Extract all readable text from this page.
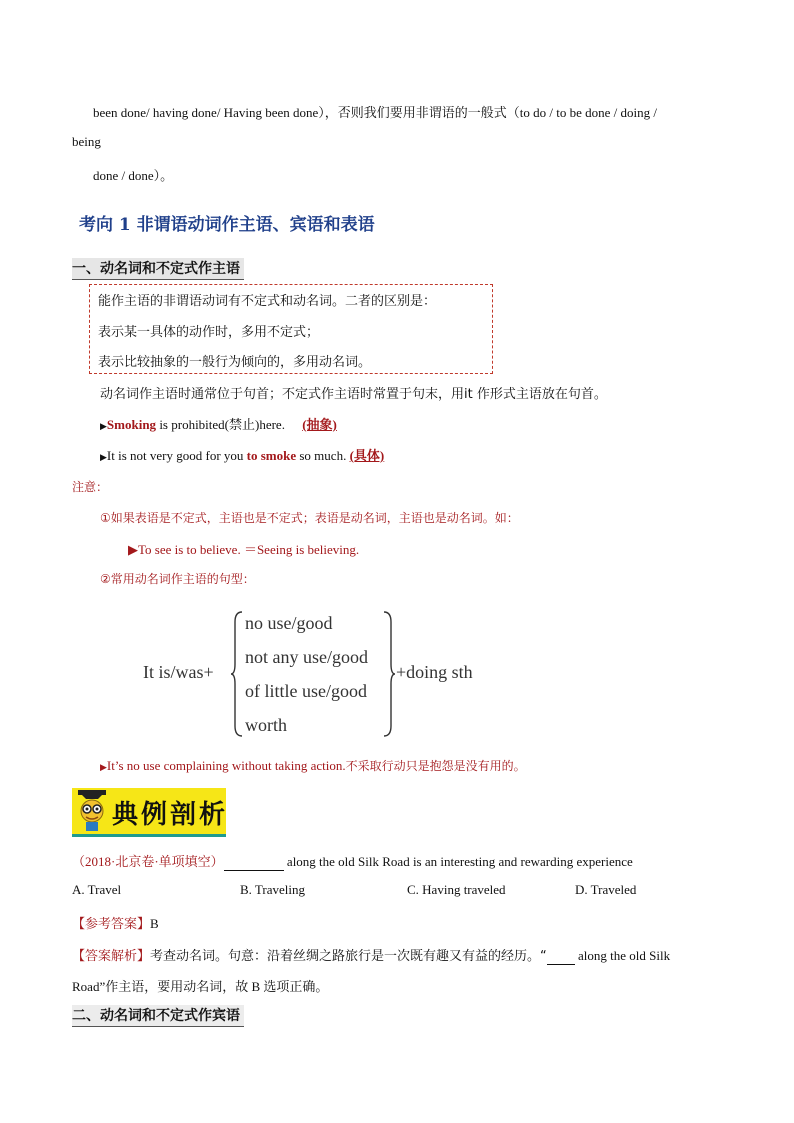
been done/ having done/ Having been done），否则我们要用非谓语的一般式（to do / to be done / doing /
being
done / done）。
考向 1 非谓语动词作主语、宾语和表语
一、动名词和不定式作主语
能作主语的非谓语动词有不定式和动名词。二者的区别是：
表示某一具体的动作时，多用不定式；
表示比较抽象的一般行为倾向的，多用动名词。
动名词作主语时通常位于句首；不定式作主语时常置于句末，用it 作形式主语放在句首。
▶Smoking is prohibited(禁止)here. (抽象)
▶It is not very good for you to smoke so much. (具体)
注意：
①如果表语是不定式，主语也是不定式；表语是动名词，主语也是动名词。如：
▶To see is to believe. ＝Seeing is believing.
②常用动名词作主语的句型：
It is/was+
no use/good
not any use/good
of little use/good
worth
+doing sth
▶It’s no use complaining without taking action.不采取行动只是抱怨是没有用的。
典例剖析
（2018·北京卷·单项填空）	along the old Silk Road is an interesting and rewarding experience
A. Travel	B. Traveling	C. Having traveled	D. Traveled
【参考答案】B
【答案解析】考查动名词。句意：沿着丝绸之路旅行是一次既有趣又有益的经历。“  along the old Silk
Road”作主语，要用动名词，故 B 选项正确。
二、动名词和不定式作宾语
